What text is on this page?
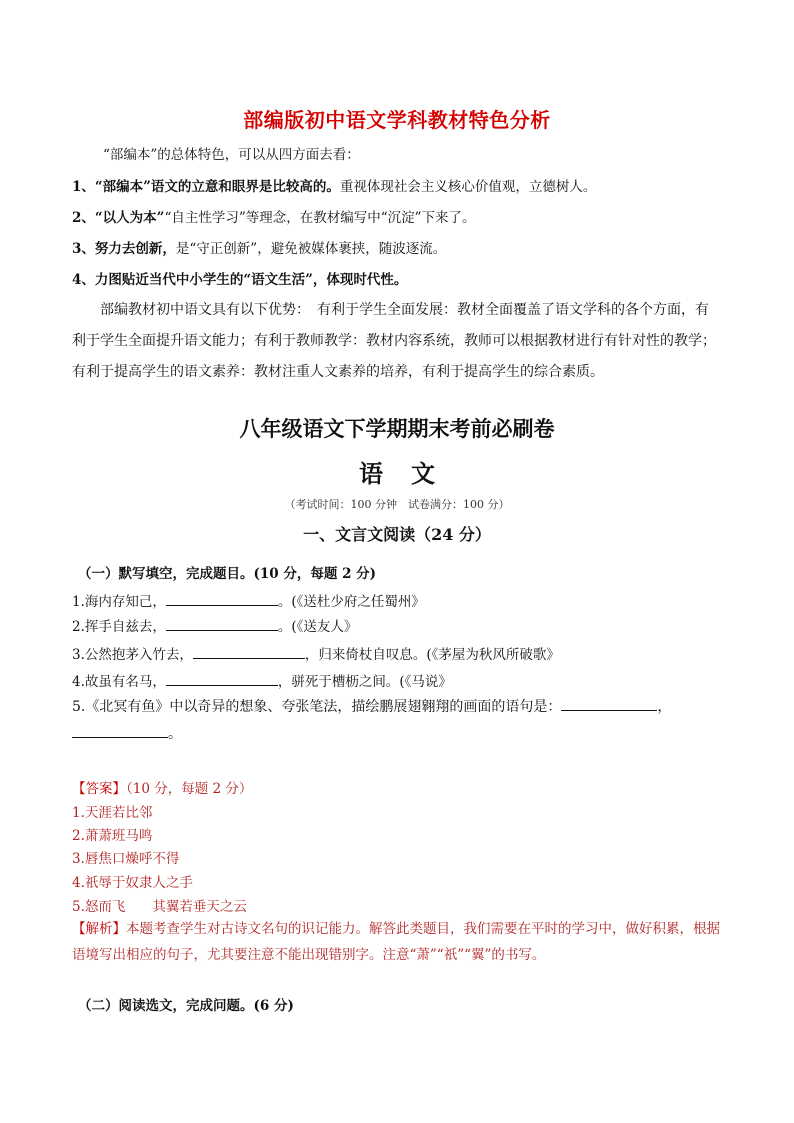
部编版初中语文学科教材特色分析
“部编本”的总体特色，可以从四方面去看：
1、“部编本”语文的立意和眼界是比较高的。重视体现社会主义核心价值观，立德树人。
2、“以人为本”“自主性学习”等理念，在教材编写中“沉淀”下来了。
3、努力去创新，是“守正创新”，避免被媒体裹挟，随波逐流。
4、力图贴近当代中小学生的“语文生活”，体现时代性。
部编教材初中语文具有以下优势：　有利于学生全面发展：教材全面覆盖了语文学科的各个方面，有利于学生全面提升语文能力；有利于教师教学：教材内容系统，教师可以根据教材进行有针对性的教学；有利于提高学生的语文素养：教材注重人文素养的培养，有利于提高学生的综合素质。
八年级语文下学期期末考前必刷卷
语文
（考试时间：100 分钟　试卷满分：100 分）
一、文言文阅读（24 分）
（一）默写填空，完成题目。(10 分，每题 2 分)
1.海内存知己，	。(《送杜少府之任蜀州》
2.挥手自兹去，	。(《送友人》
3.公然抱茅入竹去，	，归来倚杖自叹息。(《茅屋为秋风所破歌》
4.故虽有名马，	，骈死于槽枥之间。(《马说》
5.《北冥有鱼》中以奇异的想象、夸张笔法，描绘鹏展翅翱翔的画面的语句是：	，
。
【答案】（10 分，每题 2 分）
1.天涯若比邻
2.萧萧班马鸣
3.唇焦口燥呼不得
4.祇辱于奴隶人之手
5.怒而飞　　其翼若垂天之云
【解析】本题考查学生对古诗文名句的识记能力。解答此类题目，我们需要在平时的学习中，做好积累，根据语境写出相应的句子，尤其要注意不能出现错别字。注意“萧”“祇”“翼”的书写。
（二）阅读选文，完成问题。(6 分)
